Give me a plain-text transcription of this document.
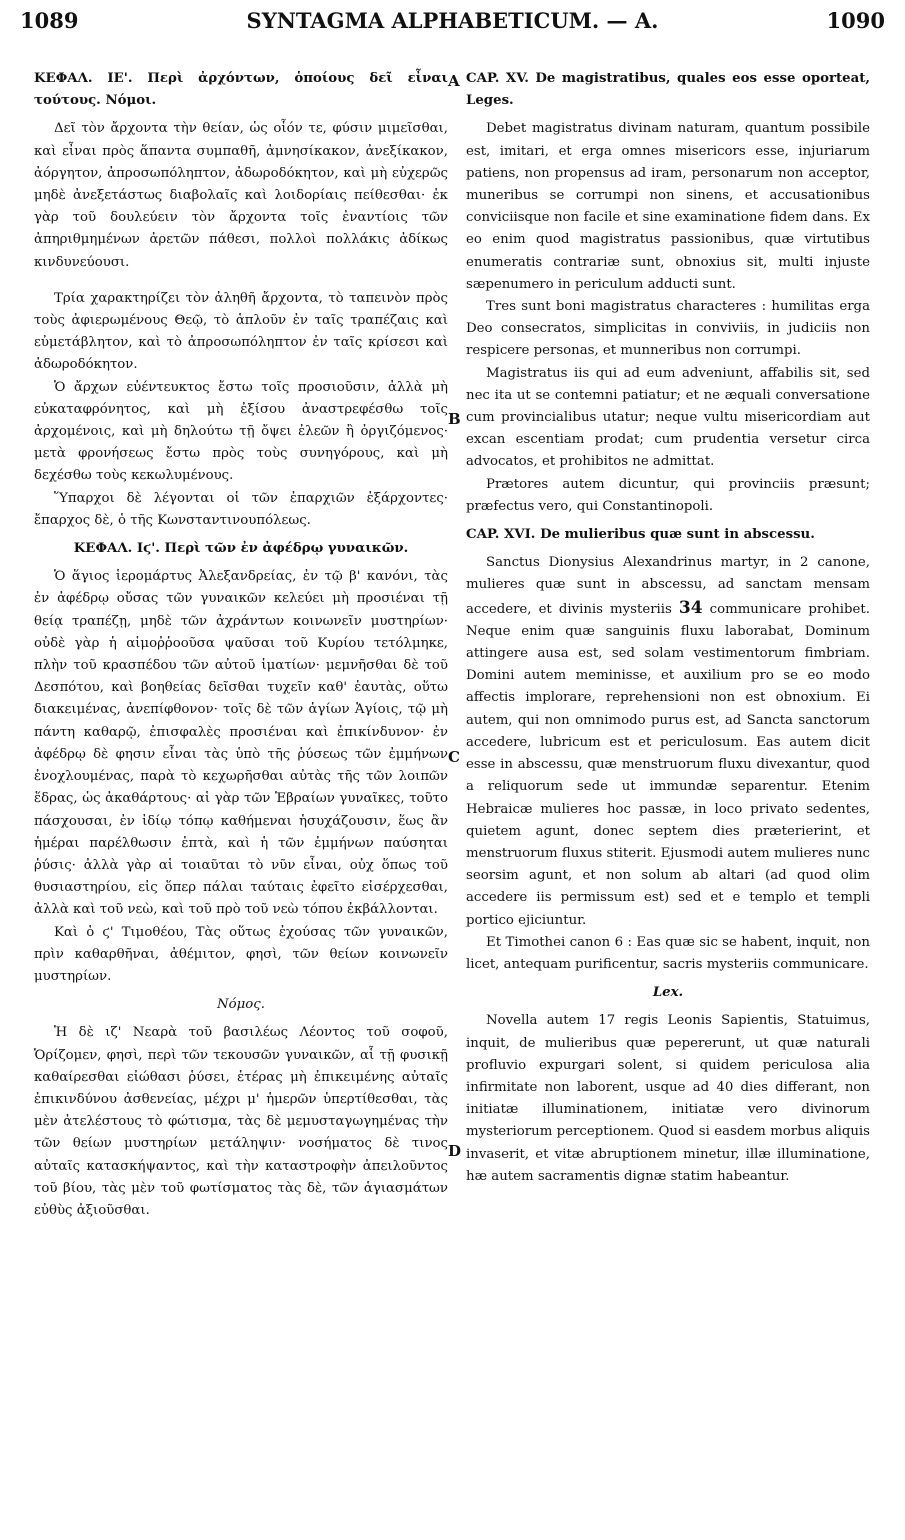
1089	SYNTAGMA ALPHABETICUM. — A.	1090
A
B
C
D

ΚΕΦΑΛ. ΙΕ'. Περὶ ἀρχόντων, ὁποίους δεῖ εἶναι τούτους. Νόμοι.

Δεῖ τὸν ἄρχοντα τὴν θείαν, ὡς οἷόν τε, φύσιν μιμεῖσθαι, καὶ εἶναι πρὸς ἅπαντα συμπαθῆ, ἀμνησίκακον, ἀνεξίκακον, ἀόργητον, ἀπροσωπόληπτον, ἀδωροδόκητον, καὶ μὴ εὐχερῶς μηδὲ ἀνεξετάστως διαβολαῖς καὶ λοιδορίαις πείθεσθαι· ἐκ γὰρ τοῦ δουλεύειν τὸν ἄρχοντα τοῖς ἐναντίοις τῶν ἀπηριθμημένων ἀρετῶν πάθεσι, πολλοὶ πολλάκις ἀδίκως κινδυνεύουσι.

Τρία χαρακτηρίζει τὸν ἀληθῆ ἄρχοντα, τὸ ταπεινὸν πρὸς τοὺς ἀφιερωμένους Θεῷ, τὸ ἁπλοῦν ἐν ταῖς τραπέζαις καὶ εὐμετάβλητον, καὶ τὸ ἀπροσωπόληπτον ἐν ταῖς κρίσεσι καὶ ἀδωροδόκητον.

Ὁ ἄρχων εὐέντευκτος ἔστω τοῖς προσιοῦσιν, ἀλλὰ μὴ εὐκαταφρόνητος, καὶ μὴ ἐξίσου ἀναστρεφέσθω τοῖς ἀρχομένοις, καὶ μὴ δηλούτω τῇ ὄψει ἐλεῶν ἢ ὀργιζόμενος· μετὰ φρονήσεως ἔστω πρὸς τοὺς συνηγόρους, καὶ μὴ δεχέσθω τοὺς κεκωλυμένους.

Ὕπαρχοι δὲ λέγονται οἱ τῶν ἐπαρχιῶν ἐξάρχοντες· ἔπαρχος δὲ, ὁ τῆς Κωνσταντινουπόλεως.

ΚΕΦΑΛ. Ιϛ'. Περὶ τῶν ἐν ἀφέδρῳ γυναικῶν.

Ὁ ἅγιος ἱερομάρτυς Ἀλεξανδρείας, ἐν τῷ β' κανόνι, τὰς ἐν ἀφέδρῳ οὔσας τῶν γυναικῶν κελεύει μὴ προσιέναι τῇ θείᾳ τραπέζῃ, μηδὲ τῶν ἀχράντων κοινωνεῖν μυστηρίων· οὐδὲ γὰρ ἡ αἱμοῤῥοοῦσα ψαῦσαι τοῦ Κυρίου τετόλμηκε, πλὴν τοῦ κρασπέδου τῶν αὐτοῦ ἱματίων· μεμνῆσθαι δὲ τοῦ Δεσπότου, καὶ βοηθείας δεῖσθαι τυχεῖν καθ' ἑαυτὰς, οὕτω διακειμένας, ἀνεπίφθονον· τοῖς δὲ τῶν ἁγίων Ἁγίοις, τῷ μὴ πάντη καθαρῷ, ἐπισφαλὲς προσιέναι καὶ ἐπικίνδυνον· ἐν ἀφέδρῳ δὲ φησιν εἶναι τὰς ὑπὸ τῆς ῥύσεως τῶν ἐμμήνων ἐνοχλουμένας, παρὰ τὸ κεχωρῆσθαι αὐτὰς τῆς τῶν λοιπῶν ἕδρας, ὡς ἀκαθάρτους· αἱ γὰρ τῶν Ἑβραίων γυναῖκες, τοῦτο πάσχουσαι, ἐν ἰδίῳ τόπῳ καθήμεναι ἡσυχάζουσιν, ἕως ἂν ἡμέραι παρέλθωσιν ἑπτὰ, καὶ ἡ τῶν ἐμμήνων παύσηται ῥύσις· ἀλλὰ γὰρ αἱ τοιαῦται τὸ νῦν εἶναι, οὐχ ὅπως τοῦ θυσιαστηρίου, εἰς ὅπερ πάλαι ταύταις ἐφεῖτο εἰσέρχεσθαι, ἀλλὰ καὶ τοῦ νεὼ, καὶ τοῦ πρὸ τοῦ νεὼ τόπου ἐκβάλλονται.

Καὶ ὁ ϛ' Τιμοθέου, Τὰς οὕτως ἐχούσας τῶν γυναικῶν, πρὶν καθαρθῆναι, ἀθέμιτον, φησὶ, τῶν θείων κοινωνεῖν μυστηρίων.

Νόμος.

Ἡ δὲ ιζ' Νεαρὰ τοῦ βασιλέως Λέοντος τοῦ σοφοῦ, Ὁρίζομεν, φησὶ, περὶ τῶν τεκουσῶν γυναικῶν, αἷ τῇ φυσικῇ καθαίρεσθαι εἰώθασι ῥύσει, ἑτέρας μὴ ἐπικειμένης αὐταῖς ἐπικινδύνου ἀσθενείας, μέχρι μ' ἡμερῶν ὑπερτίθεσθαι, τὰς μὲν ἀτελέστους τὸ φώτισμα, τὰς δὲ μεμυσταγωγημένας τὴν τῶν θείων μυστηρίων μετάληψιν· νοσήματος δὲ τινος αὐταῖς κατασκήψαντος, καὶ τὴν καταστροφὴν ἀπειλοῦντος τοῦ βίου, τὰς μὲν τοῦ φωτίσματος τὰς δὲ, τῶν ἁγιασμάτων εὐθὺς ἀξιοῦσθαι.

CAP. XV. De magistratibus, quales eos esse oporteat, Leges.

Debet magistratus divinam naturam, quantum possibile est, imitari, et erga omnes misericors esse, injuriarum patiens, non propensus ad iram, personarum non acceptor, muneribus se corrumpi non sinens, et accusationibus conviciisque non facile et sine examinatione fidem dans. Ex eo enim quod magistratus passionibus, quæ virtutibus enumeratis contrariæ sunt, obnoxius sit, multi injuste sæpenumero in periculum adducti sunt.

Tres sunt boni magistratus characteres : humilitas erga Deo consecratos, simplicitas in conviviis, in judiciis non respicere personas, et munneribus non corrumpi.

Magistratus iis qui ad eum adveniunt, affabilis sit, sed nec ita ut se contemni patiatur; et ne æquali conversatione cum provincialibus utatur; neque vultu misericordiam aut excan escentiam prodat; cum prudentia versetur circa advocatos, et prohibitos ne admittat.

Prætores autem dicuntur, qui provinciis præsunt; præfectus vero, qui Constantinopoli.

CAP. XVI. De mulieribus quæ sunt in abscessu.

Sanctus Dionysius Alexandrinus martyr, in 2 canone, mulieres quæ sunt in abscessu, ad sanctam mensam accedere, et divinis mysteriis 34 communicare prohibet. Neque enim quæ sanguinis fluxu laborabat, Dominum attingere ausa est, sed solam vestimentorum fimbriam. Domini autem meminisse, et auxilium pro se eo modo affectis implorare, reprehensioni non est obnoxium. Ei autem, qui non omnimodo purus est, ad Sancta sanctorum accedere, lubricum est et periculosum. Eas autem dicit esse in abscessu, quæ menstruorum fluxu divexantur, quod a reliquorum sede ut immundæ separentur. Etenim Hebraicæ mulieres hoc passæ, in loco privato sedentes, quietem agunt, donec septem dies præterierint, et menstruorum fluxus stiterit. Ejusmodi autem mulieres nunc seorsim agunt, et non solum ab altari (ad quod olim accedere iis permissum est) sed et e templo et templi portico ejiciuntur.

Et Timothei canon 6 : Eas quæ sic se habent, inquit, non licet, antequam purificentur, sacris mysteriis communicare.

Lex.

Novella autem 17 regis Leonis Sapientis, Statuimus, inquit, de mulieribus quæ pepererunt, ut quæ naturali profluvio expurgari solent, si quidem periculosa alia infirmitate non laborent, usque ad 40 dies differant, non initiatæ illuminationem, initiatæ vero divinorum mysteriorum perceptionem. Quod si easdem morbus aliquis invaserit, et vitæ abruptionem minetur, illæ illuminatione, hæ autem sacramentis dignæ statim habeantur.
